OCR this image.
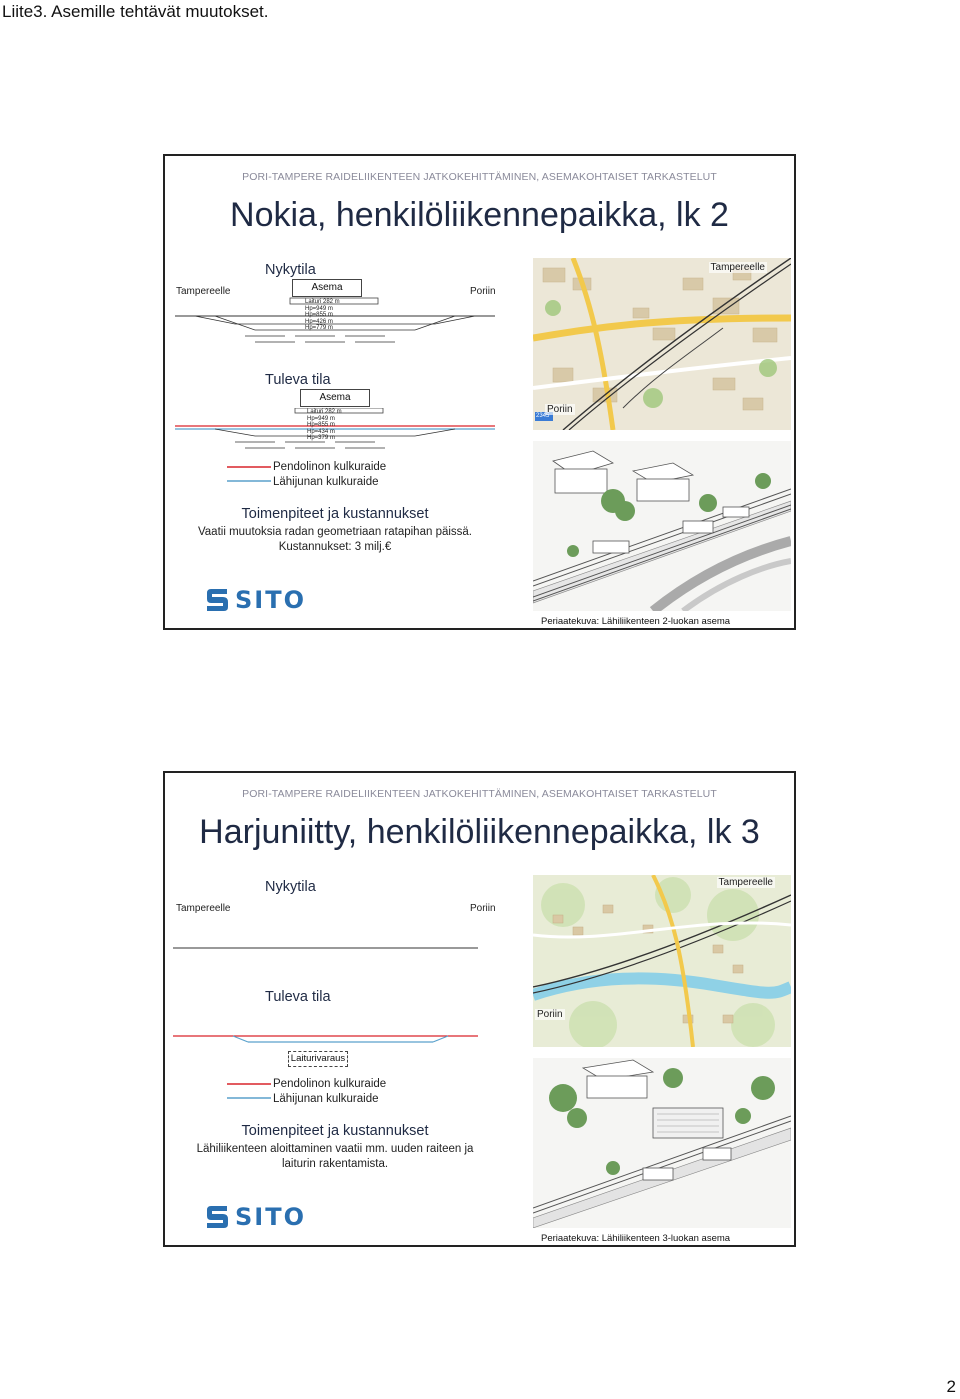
Liite3. Asemille tehtävät muutokset.
PORI-TAMPERE RAIDELIIKENTEEN JATKOKEHITTÄMINEN, ASEMAKOHTAISET TARKASTELUT
Nokia, henkilöliikennepaikka, lk 2
Nykytila
Tampereelle	Poriin
Asema
Laituri 282 m
Hp=949 m
Hp=855 m
Hp=426 m
Hp=779 m
Tuleva tila
Asema
Laituri 282 m
Hp=949 m
Hp=855 m
Hp=434 m
Hp=379 m
Pendolinon kulkuraide
Lähijunan kulkuraide
Toimenpiteet ja kustannukset
Vaatii muutoksia radan geometriaan ratapihan päissä.
Kustannukset: 3 milj.€
SITO
Tampereelle
Poriin
2345
Periaatekuva: Lähiliikenteen 2-luokan asema
PORI-TAMPERE RAIDELIIKENTEEN JATKOKEHITTÄMINEN, ASEMAKOHTAISET TARKASTELUT
Harjuniitty, henkilöliikennepaikka, lk 3
Nykytila
Tampereelle	Poriin
Tuleva tila
Laiturivaraus
Pendolinon kulkuraide
Lähijunan kulkuraide
Toimenpiteet ja kustannukset
Lähiliikenteen aloittaminen vaatii mm. uuden raiteen ja
laiturin rakentamista.
SITO
Tampereelle
Poriin
Periaatekuva: Lähiliikenteen 3-luokan asema
2
